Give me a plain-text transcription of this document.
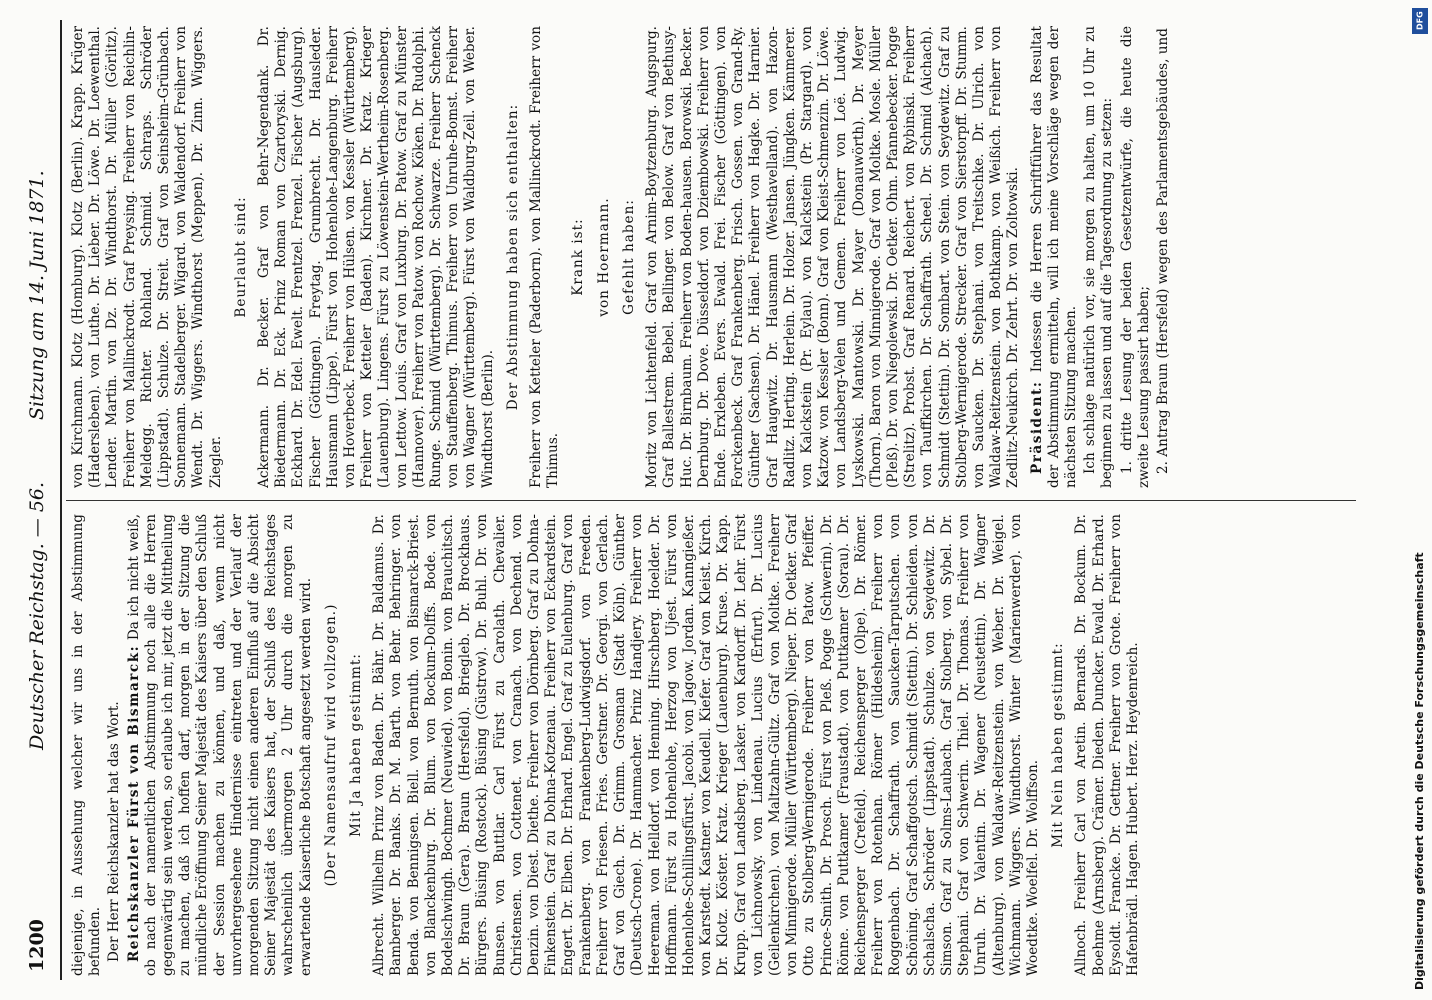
1200
Deutscher Reichstag. — 56.
Sitzung am 14. Juni 1871.

diejenige, in Aussehung welcher wir uns in der Abstimmung befunden. Der Herr Reichskanzler hat das Wort. Reichskanzler Fürst von Bismarck: Da ich nicht weiß, ob nach der namentlichen Abstimmung noch alle die Herren gegenwärtig sein werden, so erlaube ich mir, jetzt die Mittheilung zu machen, daß ich hoffen darf, morgen in der Sitzung die mündliche Eröffnung Seiner Majestät des Kaisers über den Schluß der Session machen zu können, und daß, wenn nicht unvorhergesehene Hindernisse eintreten und der Verlauf der morgenden Sitzung nicht einen anderen Einfluß auf die Absicht Seiner Majestät des Kaisers hat, der Schluß des Reichstages wahrscheinlich übermorgen 2 Uhr durch die morgen zu erwartende Kaiserliche Botschaft angesetzt werden wird. (Der Namensaufruf wird vollzogen.) Mit Ja haben gestimmt: Albrecht. Wilhelm Prinz von Baden. Dr. Bähr. Dr. Baldamus. Dr. Bamberger. Dr. Banks. Dr. M. Barth. von Behr. Behringer. von Benda. von Bennigsen. Biell. von Bernuth. von Bismarck-Briest. von Blanckenburg. Dr. Blum. von Bockum-Dolffs. Bode. von Bodelschwingh. Bochmer (Neuwied). von Bonin. von Brauchitsch. Dr. Braun (Gera). Braun (Hersfeld). Briegleb. Dr. Brockhaus. Bürgers. Büsing (Rostock). Büsing (Güstrow). Dr. Buhl. Dr. von Bunsen. von Buttlar. Carl Fürst zu Carolath. Chevalier. Christensen. von Cottenet. von Cranach. von Dechend. von Denzin. von Diest. Diethe. Freiherr von Dörnberg. Graf zu Dohna-Finkenstein. Graf zu Dohna-Kotzenau. Freiherr von Eckardstein. Engert. Dr. Elben. Dr. Erhard. Engel. Graf zu Eulenburg. Graf von Frankenberg. von Frankenberg-Ludwigsdorf. von Freeden. Freiherr von Friesen. Fries. Gerstner. Dr. Georgi. von Gerlach. Graf von Giech. Dr. Grimm. Grosman (Stadt Köln). Günther (Deutsch-Crone). Dr. Hammacher. Prinz Handjery. Freiherr von Heereman. von Helldorf. von Henning. Hirschberg. Hoelder. Dr. Hoffmann. Fürst zu Hohenlohe, Herzog von Ujest. Fürst von Hohenlohe-Schillingsfürst. Jacobi. von Jagow. Jordan. Kanngießer. von Karstedt. Kastner. von Keudell. Kiefer. Graf von Kleist. Kirch. Dr. Klotz. Köster. Kratz. Krieger (Lauenburg). Kruse. Dr. Kapp. Krupp. Graf von Landsberg. Lasker. von Kardorff. Dr. Lehr. Fürst von Lichnowsky. von Lindenau. Lucius (Erfurt). Dr. Lucius (Geilenkirchen). von Maltzahn-Gültz. Graf von Moltke. Freiherr von Minnigerode. Müller (Württemberg). Nieper. Dr. Oetker. Graf Otto zu Stolberg-Wernigerode. Freiherr von Patow. Pfeiffer. Prince-Smith. Dr. Prosch. Fürst von Pleß. Pogge (Schwerin). Dr. Rönne. von Puttkamer (Fraustadt). von Puttkamer (Sorau). Dr. Reichensperger (Crefeld). Reichensperger (Olpe). Dr. Römer. Freiherr von Rotenhan. Römer (Hildesheim). Freiherr von Roggenbach. Dr. Schaffrath. von Saucken-Tarputschen. von Schöning. Graf Schaffgotsch. Schmidt (Stettin). Dr. Schleiden. von Schalscha. Schröder (Lippstadt). Schulze. von Seydewitz. Dr. Simson. Graf zu Solms-Laubach. Graf Stolberg. von Sybel. Dr. Stephani. Graf von Schwerin. Thiel. Dr. Thomas. Freiherr von Unruh. Dr. Valentin. Dr. Wagener (Neustettin). Dr. Wagner (Altenburg). von Waldaw-Reitzenstein. von Weber. Dr. Weigel. Wichmann. Wiggers. Windthorst. Winter (Marienwerder). von Woedtke. Woelfel. Dr. Wolffson.

Mit Nein haben gestimmt: Allnoch. Freiherr Carl von Aretin. Bernards. Dr. Bockum. Dr. Boehme (Arnsberg). Crämer. Dieden. Duncker. Ewald. Dr. Erhard. Eysoldt. Francke. Dr. Gettner. Freiherr von Grote. Freiherr von Hafenbrädl. Hagen. Hubert. Herz. Heydenreich.

von Kirchmann. Klotz (Homburg). Klotz (Berlin). Krapp. Krüger (Hadersleben). von Luthe. Dr. Lieber. Dr. Löwe. Dr. Loewenthal. Lender. Martin. von Dz. Dr. Windthorst. Dr. Müller (Görlitz). Freiherr von Mallinckrodt. Graf Preysing. Freiherr von Reichlin-Meldegg. Richter. Rohland. Schmid. Schraps. Schröder (Lippstadt). Schulze. Dr. Streit. Graf von Seinsheim-Grünbach. Sonnemann. Stadelberger. Wigard. von Waldendorf. Freiherr von Wendt. Dr. Wiggers. Windthorst (Meppen). Dr. Zinn. Wiggers. Ziegler.

Beurlaubt sind: Ackermann. Dr. Becker. Graf von Behr-Negendank. Dr. Biedermann. Dr. Eck. Prinz Roman von Czartoryski. Dernig. Eckhard. Dr. Edel. Ewelt. Frentzel. Frenzel. Fischer (Augsburg). Fischer (Göttingen). Freytag. Grumbrecht. Dr. Hausleder. Hausmann (Lippe). Fürst von Hohenlohe-Langenburg. Freiherr von Hoverbeck. Freiherr von Hülsen. von Kessler (Württemberg). Freiherr von Ketteler (Baden). Kirchner. Dr. Kratz. Krieger (Lauenburg). Lingens. Fürst zu Löwenstein-Wertheim-Rosenberg. von Lettow. Louis. Graf von Luxburg. Dr. Patow. Graf zu Münster (Hannover). Freiherr von Patow. von Rochow. Köken. Dr. Rudolphi. Runge. Schmid (Württemberg). Dr. Schwarze. Freiherr Schenck von Stauffenberg. Thimus. Freiherr von Unruhe-Bomst. Freiherr von Wagner (Württemberg). Fürst von Waldburg-Zeil. von Weber. Windthorst (Berlin).

Der Abstimmung haben sich enthalten: Freiherr von Ketteler (Paderborn). von Mallinckrodt. Freiherr von Thimus.

Krank ist: von Hoermann. Gefehlt haben: Moritz von Lichtenfeld. Graf von Arnim-Boytzenburg. Augspurg. Graf Ballestrem. Bebel. Bellinger. von Below. Graf von Bethusy-Huc. Dr. Birnbaum. Freiherr von Boden-hausen. Borowski. Becker. Dernburg. Dr. Dove. Düsseldorf. von Dziembowski. Freiherr von Ende. Erxleben. Evers. Ewald. Frei. Fischer (Göttingen). von Forckenbeck. Graf Frankenberg. Frisch. Gossen. von Grand-Ry. Günther (Sachsen). Dr. Hänel. Freiherr von Hagke. Dr. Harnier. Graf Haugwitz. Dr. Hausmann (Westhavelland). von Hazon-Radlitz. Herting. Herlein. Dr. Holzer. Jansen. Jüngken. Kämmerer. von Kalckstein (Pr. Eylau). von Kalckstein (Pr. Stargard). von Katzow. von Kessler (Bonn). Graf von Kleist-Schmenzin. Dr. Löwe. von Landsberg-Velen und Gemen. Freiherr von Loë. Ludwig. Lyskowski. Mantowski. Dr. Mayer (Donauwörth). Dr. Meyer (Thorn). Baron von Minnigerode. Graf von Moltke. Mosle. Müller (Pleß). Dr. von Niegolewski. Dr. Oetker. Ohm. Pfannebecker. Pogge (Strelitz). Probst. Graf Renard. Reichert. von Rybinski. Freiherr von Tauffkirchen. Dr. Schaffrath. Scheel. Dr. Schmid (Aichach). Schmidt (Stettin). Dr. Sombart. von Stein. von Seydewitz. Graf zu Stolberg-Wernigerode. Strecker. Graf von Sierstorpff. Dr. Stumm. von Saucken. Dr. Stephani. von Treitschke. Dr. Ulrich. von Waldaw-Reitzenstein. von Bothkamp. von Weißich. Freiherr von Zedlitz-Neukirch. Dr. Zehrt. Dr. von Zoltowski. Präsident: Indessen die Herren Schriftführer das Resultat der Abstimmung ermitteln, will ich meine Vorschläge wegen der nächsten Sitzung machen. Ich schlage natürlich vor, sie morgen zu halten, um 10 Uhr zu beginnen zu lassen und auf die Tagesordnung zu setzen: 1. dritte Lesung der beiden Gesetzentwürfe, die heute die zweite Lesung passirt haben; 2. Antrag Braun (Hersfeld) wegen des Parlamentsgebäudes, und

Digitalisierung gefördert durch die Deutsche Forschungsgemeinschaft
DFG
